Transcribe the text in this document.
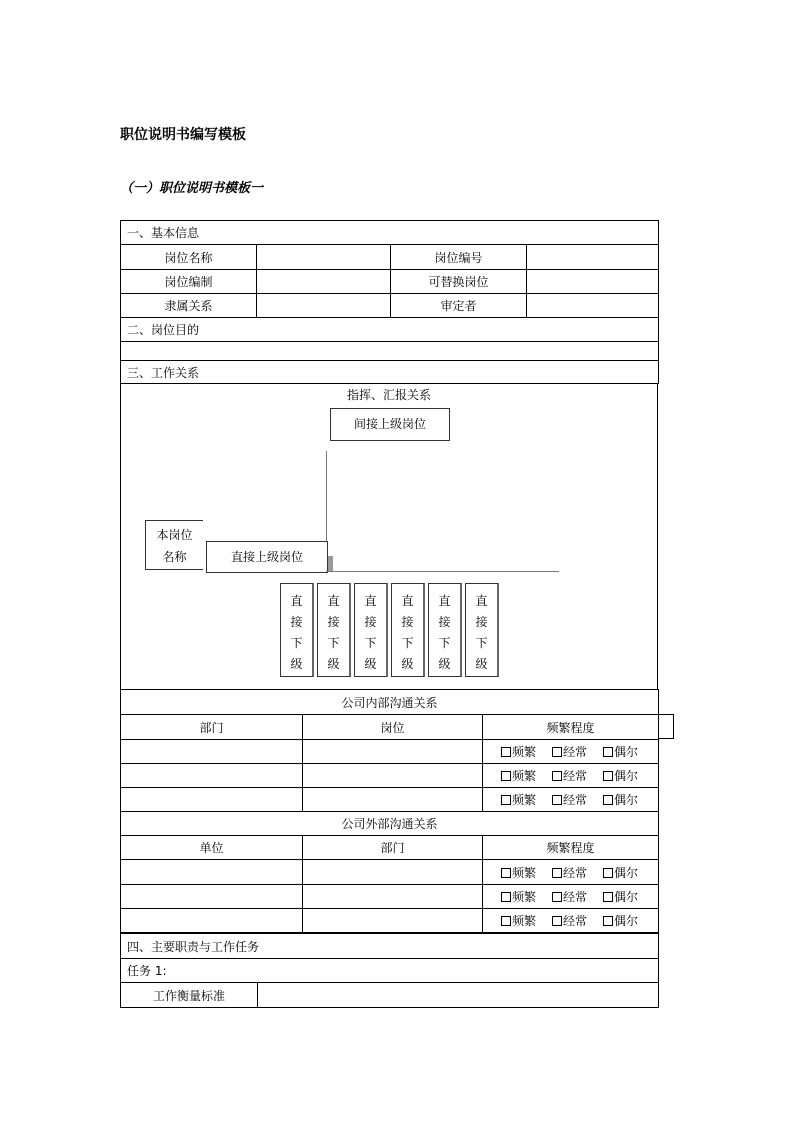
职位说明书编写模板
（一）职位说明书模板一
一、基本信息			
岗位名称		岗位编号	
岗位编制		可替换岗位	
隶属关系		审定者	
二、岗位目的			

三、工作关系			
指挥、汇报关系
间接上级岗位
本岗位
名称	直接上级岗位
直
接
下
级
直
接
下
级
直
接
下
级
直
接
下
级
直
接
下
级
直
接
下
级
公司内部沟通关系		
部门	岗位	频繁程度

		频繁 经常 偶尔

		频繁 经常 偶尔

		频繁 经常 偶尔

公司外部沟通关系		
单位	部门	频繁程度

		频繁 经常 偶尔

		频繁 经常 偶尔

		频繁 经常 偶尔
四、主要职责与工作任务
任务 1:
工作衡量标准	
